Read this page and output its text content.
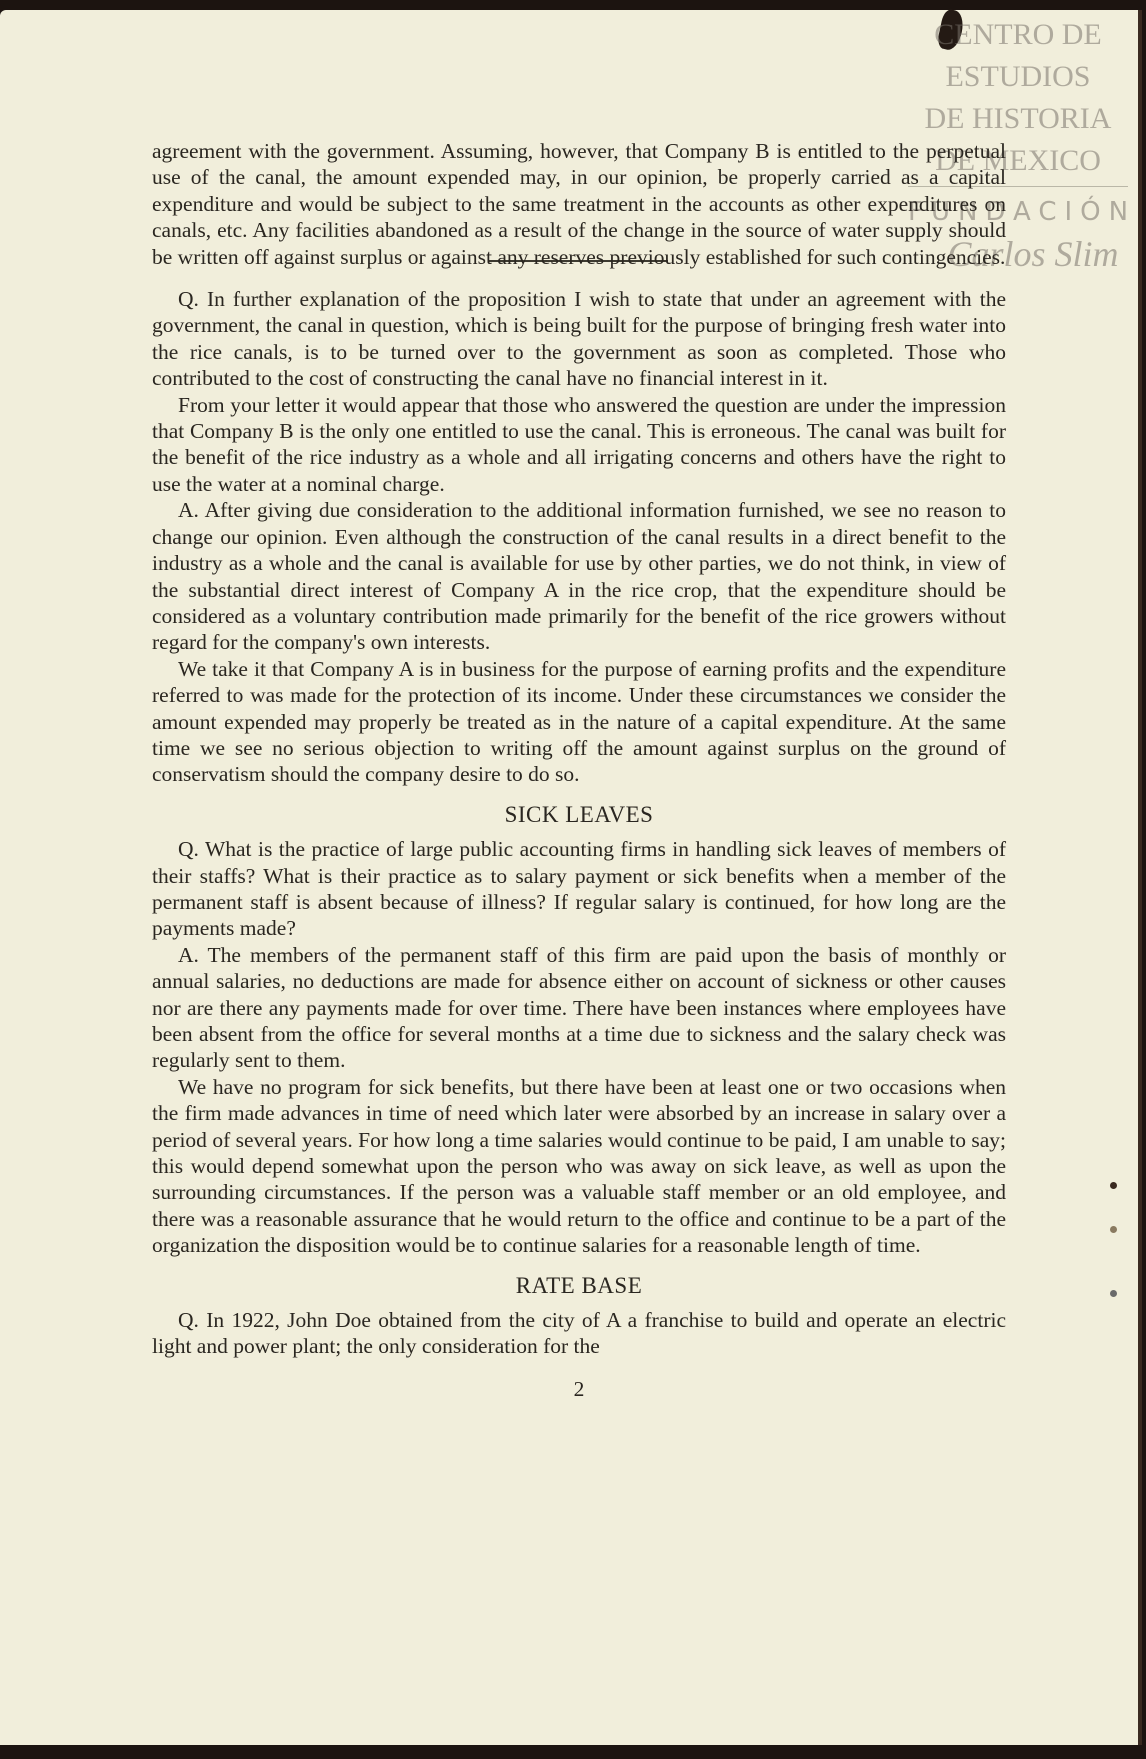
CENTRO DE
ESTUDIOS
DE HISTORIA
DE MEXICO
FUNDACIÓN
Carlos Slim

agreement with the government. Assuming, however, that Company B is entitled to the perpetual use of the canal, the amount expended may, in our opinion, be properly carried as a capital expenditure and would be subject to the same treatment in the accounts as other expenditures on canals, etc. Any facilities abandoned as a result of the change in the source of water supply should be written off against surplus or against any reserves previously established for such contingencies.

Q. In further explanation of the proposition I wish to state that under an agreement with the government, the canal in question, which is being built for the purpose of bringing fresh water into the rice canals, is to be turned over to the government as soon as completed. Those who contributed to the cost of constructing the canal have no financial interest in it.

From your letter it would appear that those who answered the question are under the impression that Company B is the only one entitled to use the canal. This is erroneous. The canal was built for the benefit of the rice industry as a whole and all irrigating concerns and others have the right to use the water at a nominal charge.

A. After giving due consideration to the additional information furnished, we see no reason to change our opinion. Even although the construction of the canal results in a direct benefit to the industry as a whole and the canal is available for use by other parties, we do not think, in view of the substantial direct interest of Company A in the rice crop, that the expenditure should be considered as a voluntary contribution made primarily for the benefit of the rice growers without regard for the company's own interests.

We take it that Company A is in business for the purpose of earning profits and the expenditure referred to was made for the protection of its income. Under these circumstances we consider the amount expended may properly be treated as in the nature of a capital expenditure. At the same time we see no serious objection to writing off the amount against surplus on the ground of conservatism should the company desire to do so.

SICK LEAVES

Q. What is the practice of large public accounting firms in handling sick leaves of members of their staffs? What is their practice as to salary payment or sick benefits when a member of the permanent staff is absent because of illness? If regular salary is continued, for how long are the payments made?

A. The members of the permanent staff of this firm are paid upon the basis of monthly or annual salaries, no deductions are made for absence either on account of sickness or other causes nor are there any payments made for over time. There have been instances where employees have been absent from the office for several months at a time due to sickness and the salary check was regularly sent to them.

We have no program for sick benefits, but there have been at least one or two occasions when the firm made advances in time of need which later were absorbed by an increase in salary over a period of several years. For how long a time salaries would continue to be paid, I am unable to say; this would depend somewhat upon the person who was away on sick leave, as well as upon the surrounding circumstances. If the person was a valuable staff member or an old employee, and there was a reasonable assurance that he would return to the office and continue to be a part of the organization the disposition would be to continue salaries for a reasonable length of time.

RATE BASE

Q. In 1922, John Doe obtained from the city of A a franchise to build and operate an electric light and power plant; the only consideration for the

2
